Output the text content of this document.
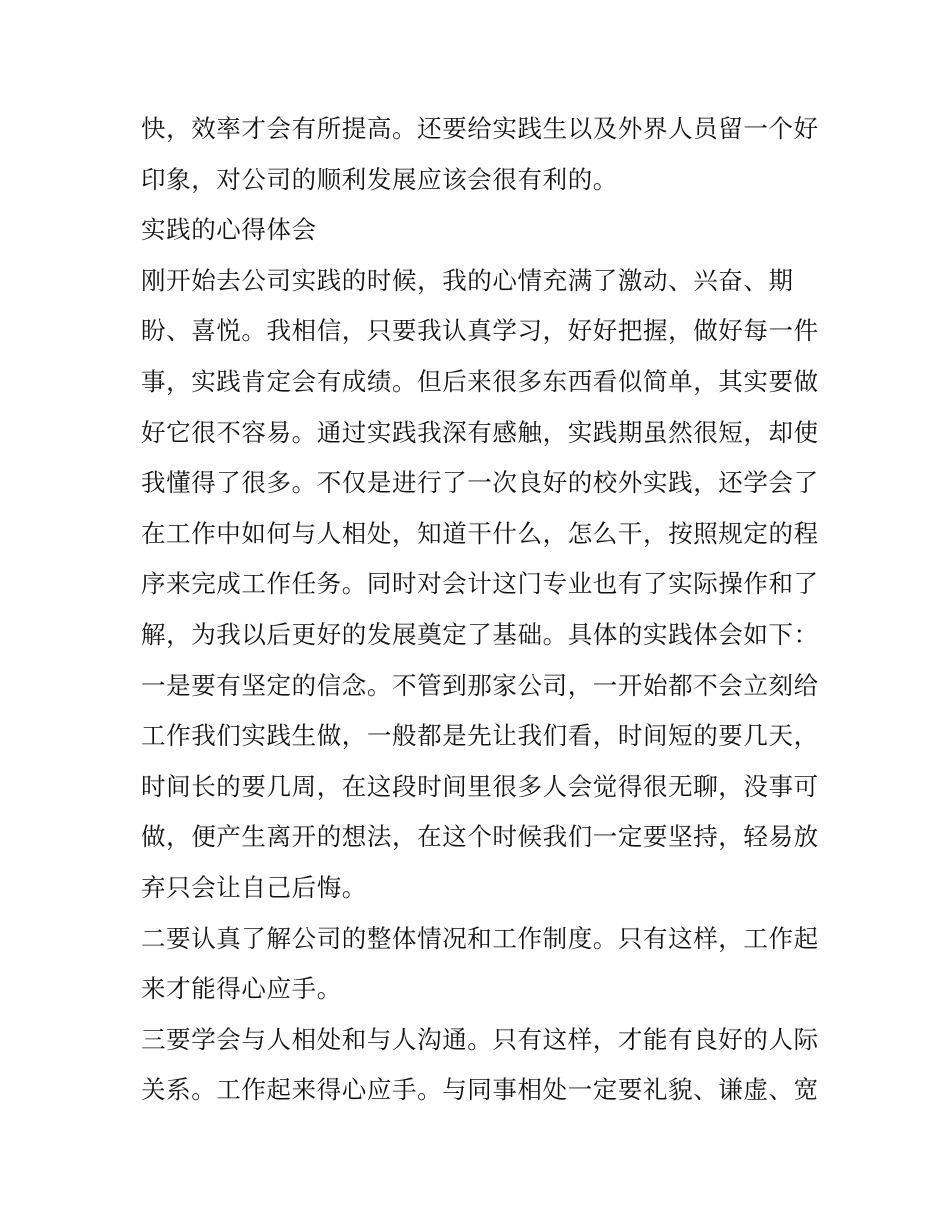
快，效率才会有所提高。还要给实践生以及外界人员留一个好
印象，对公司的顺利发展应该会很有利的。
实践的心得体会
刚开始去公司实践的时候，我的心情充满了激动、兴奋、期
盼、喜悦。我相信，只要我认真学习，好好把握，做好每一件
事，实践肯定会有成绩。但后来很多东西看似简单，其实要做
好它很不容易。通过实践我深有感触，实践期虽然很短，却使
我懂得了很多。不仅是进行了一次良好的校外实践，还学会了
在工作中如何与人相处，知道干什么，怎么干，按照规定的程
序来完成工作任务。同时对会计这门专业也有了实际操作和了
解，为我以后更好的发展奠定了基础。具体的实践体会如下：
一是要有坚定的信念。不管到那家公司，一开始都不会立刻给
工作我们实践生做，一般都是先让我们看，时间短的要几天，
时间长的要几周，在这段时间里很多人会觉得很无聊，没事可
做，便产生离开的想法，在这个时候我们一定要坚持，轻易放
弃只会让自己后悔。
二要认真了解公司的整体情况和工作制度。只有这样，工作起
来才能得心应手。
三要学会与人相处和与人沟通。只有这样，才能有良好的人际
关系。工作起来得心应手。与同事相处一定要礼貌、谦虚、宽
